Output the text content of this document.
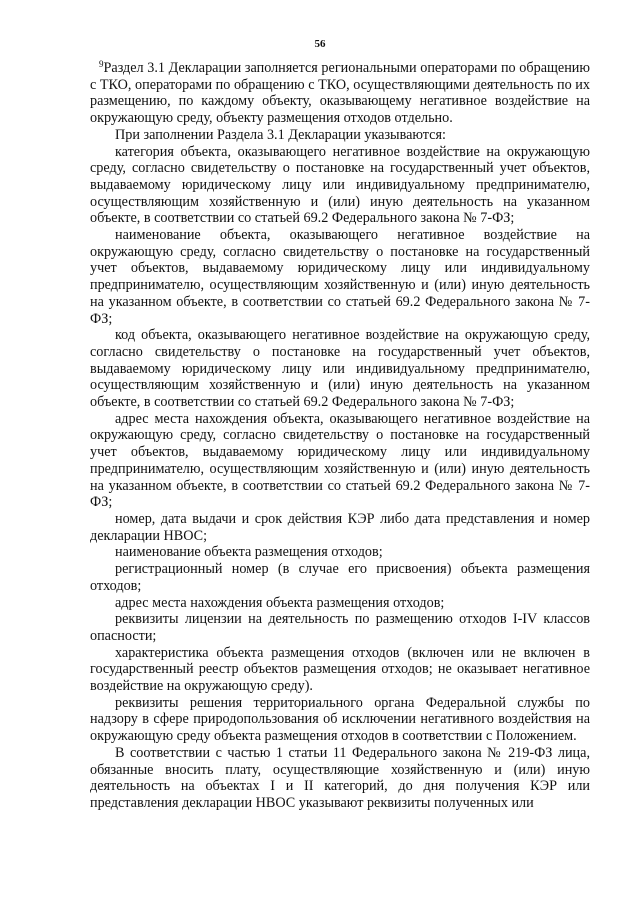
56

$^9$Раздел 3.1 Декларации заполняется региональными операторами по обращению с ТКО, операторами по обращению с ТКО, осуществляющими деятельность по их размещению, по каждому объекту, оказывающему негативное воздействие на окружающую среду, объекту размещения отходов отдельно.

При заполнении Раздела 3.1 Декларации указываются:

категория объекта, оказывающего негативное воздействие на окружающую среду, согласно свидетельству о постановке на государственный учет объектов, выдаваемому юридическому лицу или индивидуальному предпринимателю, осуществляющим хозяйственную и (или) иную деятельность на указанном объекте, в соответствии со статьей 69.2 Федерального закона № 7-ФЗ;

наименование объекта, оказывающего негативное воздействие на окружающую среду, согласно свидетельству о постановке на государственный учет объектов, выдаваемому юридическому лицу или индивидуальному предпринимателю, осуществляющим хозяйственную и (или) иную деятельность на указанном объекте, в соответствии со статьей 69.2 Федерального закона № 7-ФЗ;

код объекта, оказывающего негативное воздействие на окружающую среду, согласно свидетельству о постановке на государственный учет объектов, выдаваемому юридическому лицу или индивидуальному предпринимателю, осуществляющим хозяйственную и (или) иную деятельность на указанном объекте, в соответствии со статьей 69.2 Федерального закона № 7-ФЗ;

адрес места нахождения объекта, оказывающего негативное воздействие на окружающую среду, согласно свидетельству о постановке на государственный учет объектов, выдаваемому юридическому лицу или индивидуальному предпринимателю, осуществляющим хозяйственную и (или) иную деятельность на указанном объекте, в соответствии со статьей 69.2 Федерального закона № 7-ФЗ;

номер, дата выдачи и срок действия КЭР либо дата представления и номер декларации НВОС;

наименование объекта размещения отходов;

регистрационный номер (в случае его присвоения) объекта размещения отходов;

адрес места нахождения объекта размещения отходов;

реквизиты лицензии на деятельность по размещению отходов I-IV классов опасности;

характеристика объекта размещения отходов (включен или не включен в государственный реестр объектов размещения отходов; не оказывает негативное воздействие на окружающую среду).

реквизиты решения территориального органа Федеральной службы по надзору в сфере природопользования об исключении негативного воздействия на окружающую среду объекта размещения отходов в соответствии с Положением.

В соответствии с частью 1 статьи 11 Федерального закона № 219-ФЗ лица, обязанные вносить плату, осуществляющие хозяйственную и (или) иную деятельность на объектах I и II категорий, до дня получения КЭР или представления декларации НВОС указывают реквизиты полученных или
